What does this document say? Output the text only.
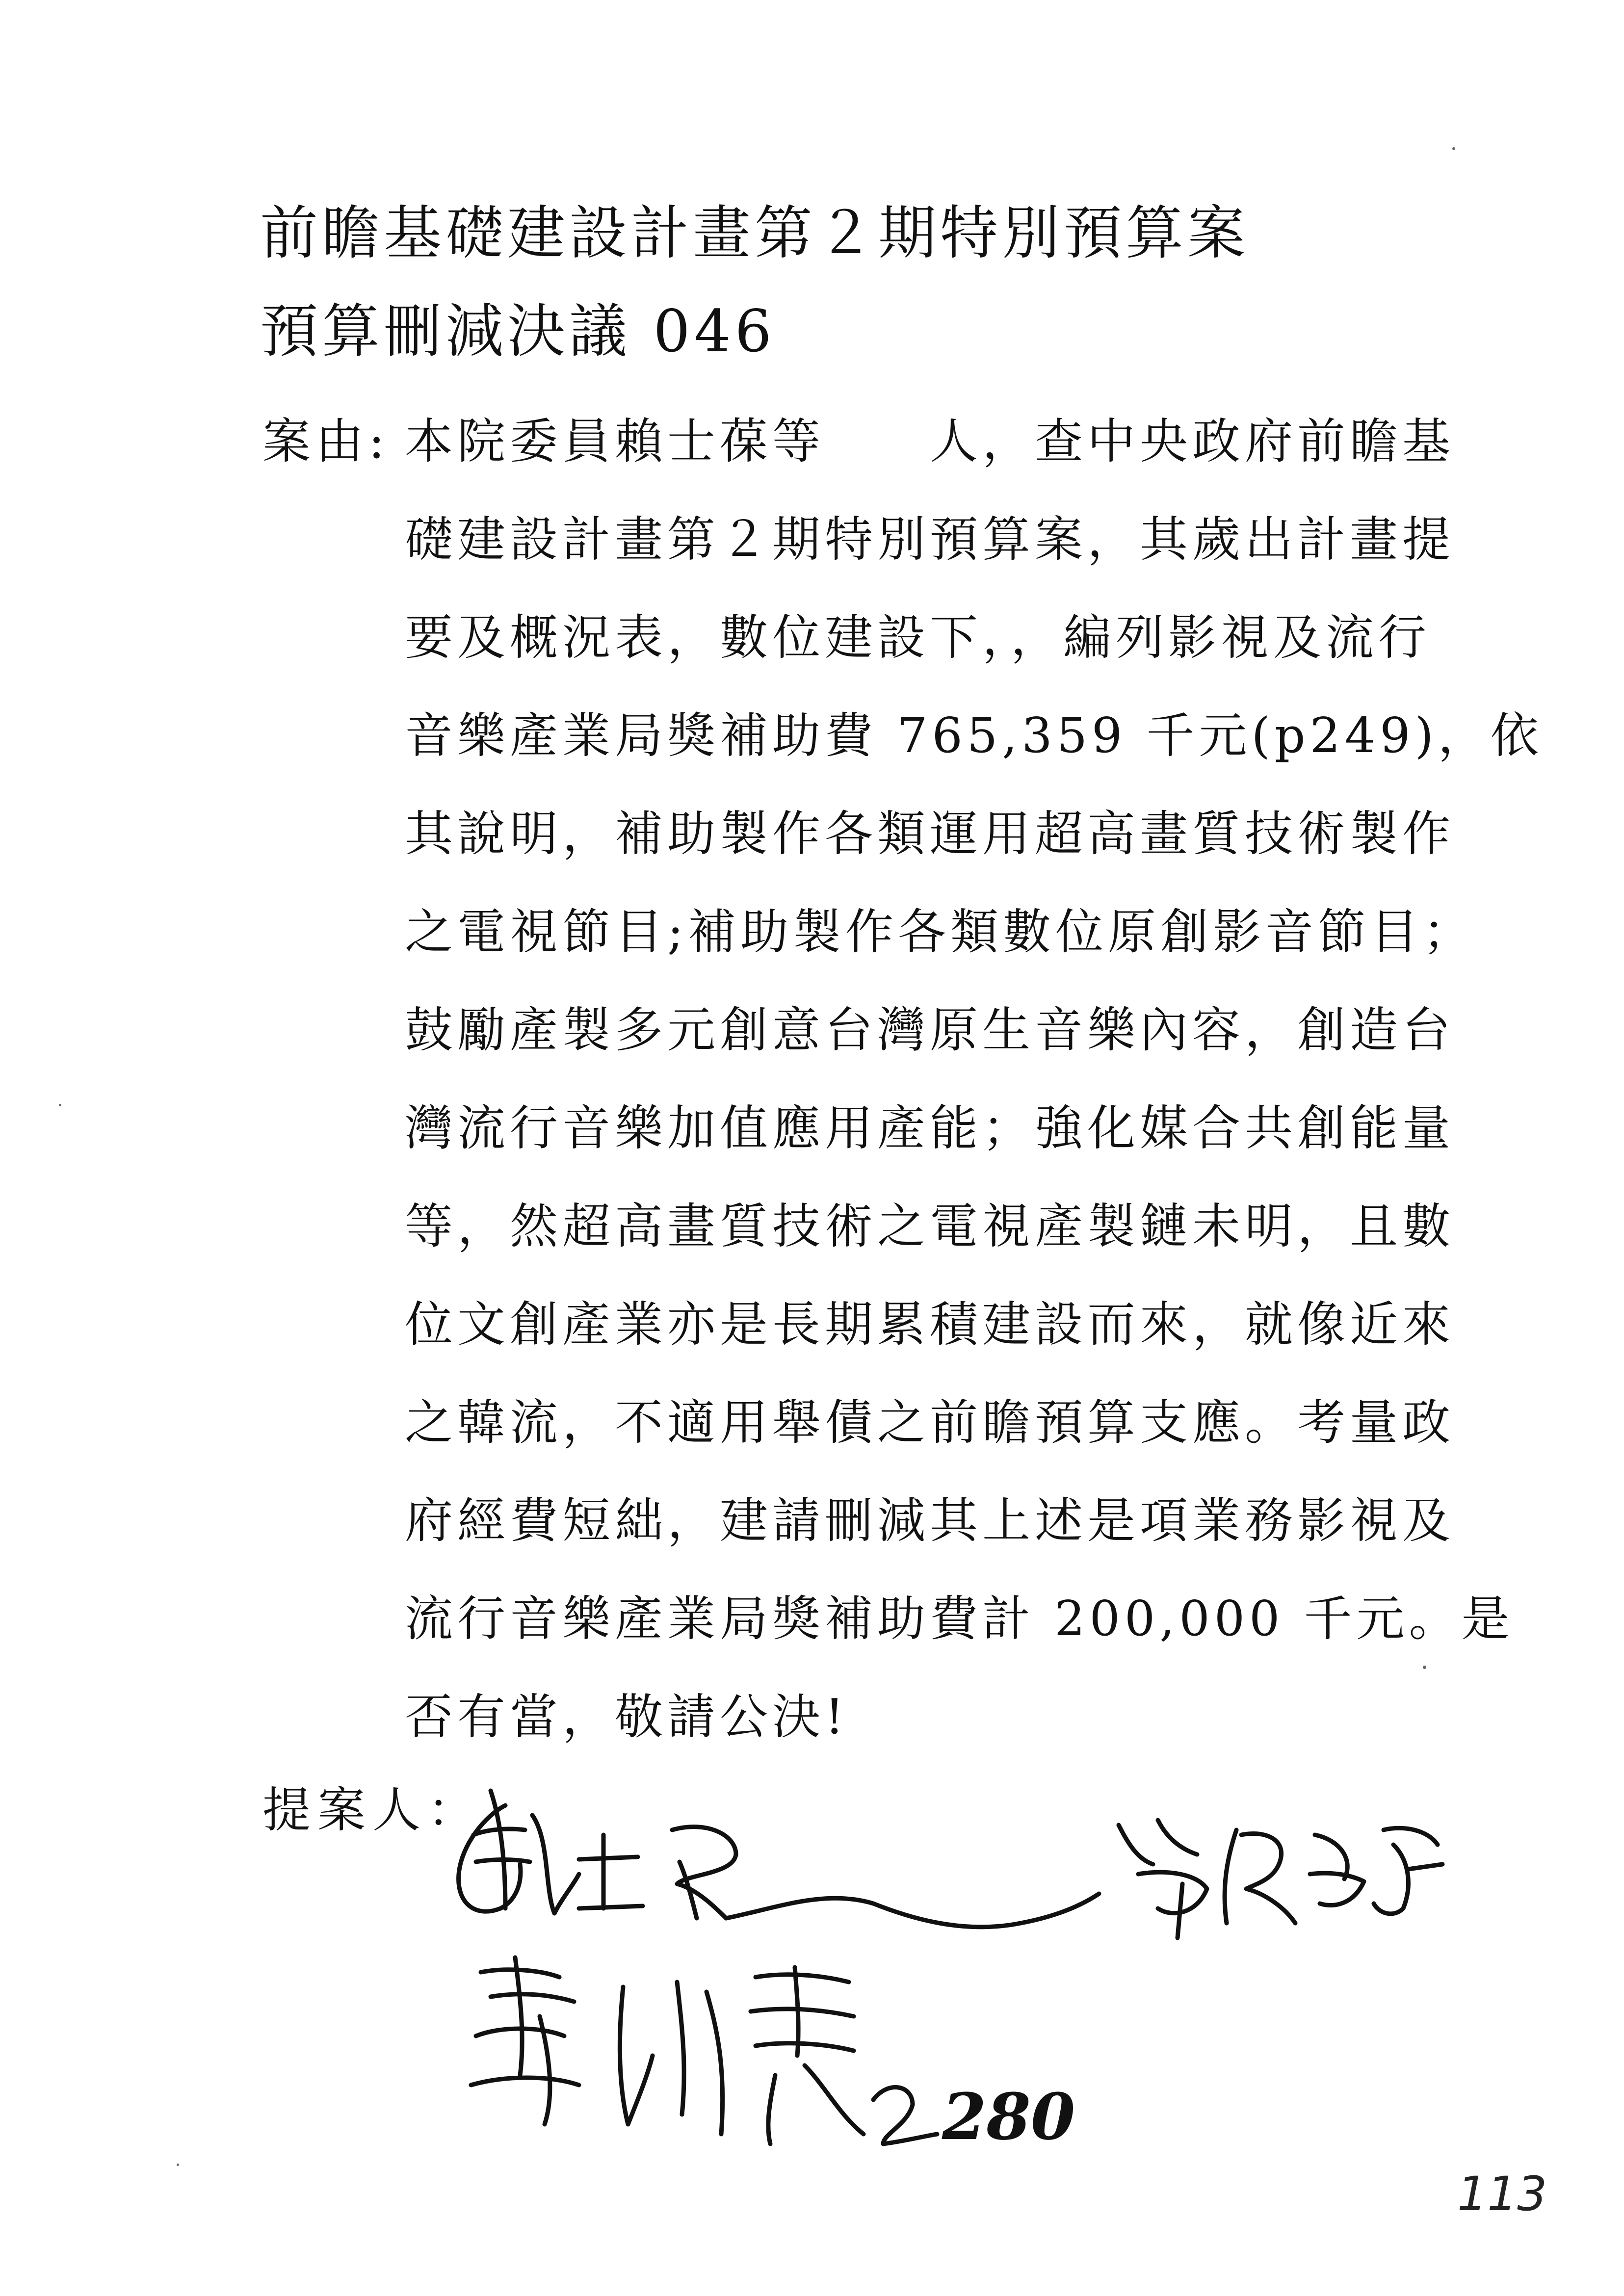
前瞻基礎建設計畫第２期特別預算案
預算刪減決議 046
案由: 本院委員賴士葆等　　人，查中央政府前瞻基
礎建設計畫第２期特別預算案，其歲出計畫提
要及概況表，數位建設下，，編列影視及流行
音樂產業局獎補助費 765,359 千元(p249)，依
其說明，補助製作各類運用超高畫質技術製作
之電視節目;補助製作各類數位原創影音節目；
鼓勵產製多元創意台灣原生音樂內容，創造台
灣流行音樂加值應用產能；強化媒合共創能量
等，然超高畫質技術之電視產製鏈未明，且數
位文創產業亦是長期累積建設而來，就像近來
之韓流，不適用舉債之前瞻預算支應。考量政
府經費短絀，建請刪減其上述是項業務影視及
流行音樂產業局獎補助費計 200,000 千元。是
否有當，敬請公決!
提案人：
280
113
